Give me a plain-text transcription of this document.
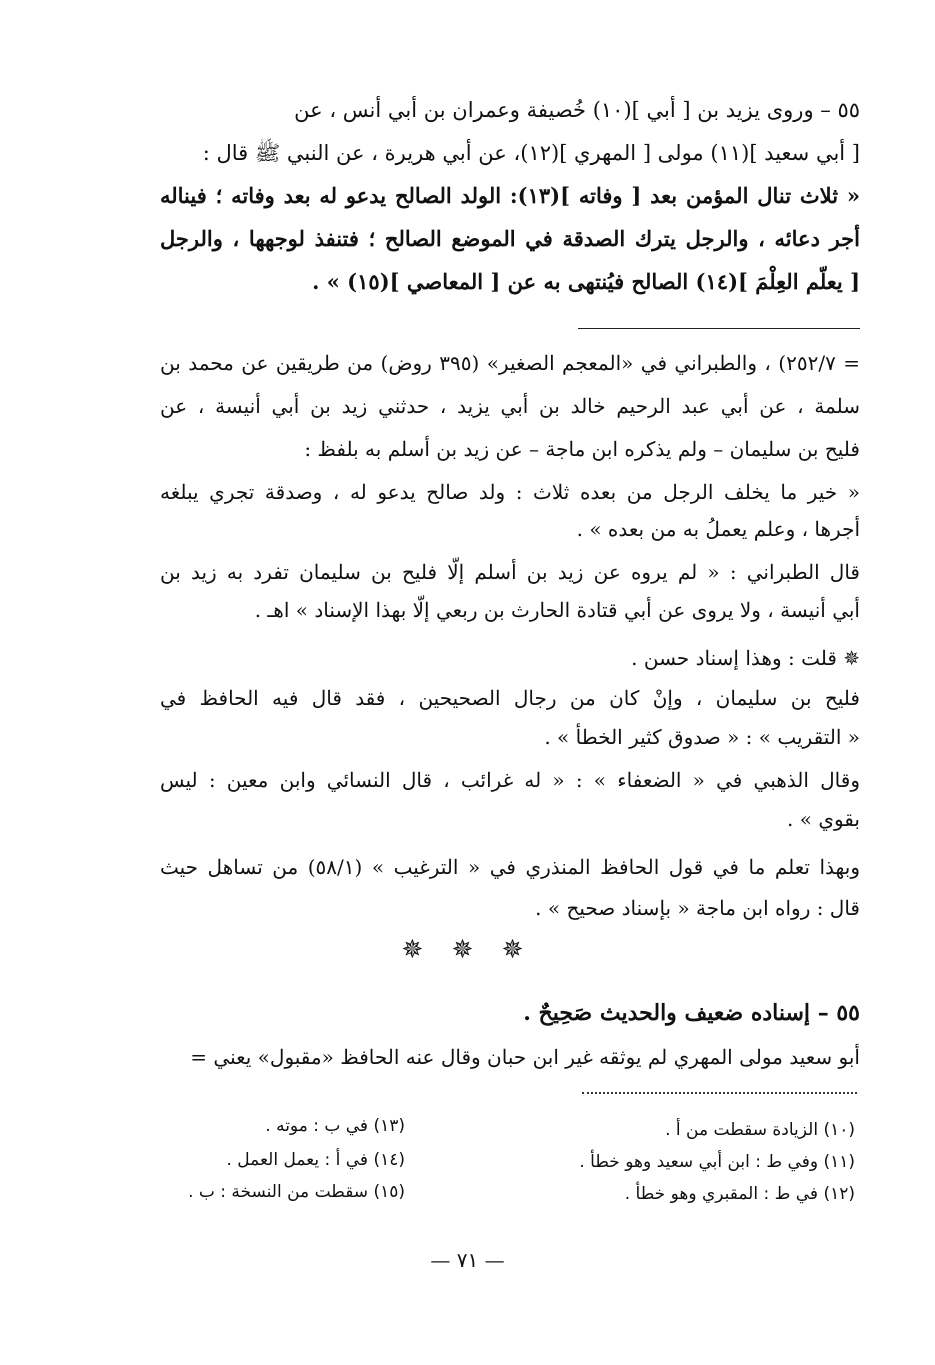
٥٥ – وروى يزيد بن [ أبي ](١٠) خُصيفة وعمران بن أبي أنس ، عن
[ أبي سعيد ](١١) مولى [ المهري ](١٢)، عن أبي هريرة ، عن النبي ﷺ قال :
« ثلاث تنال المؤمن بعد [ وفاته ](١٣): الولد الصالح يدعو له بعد وفاته ؛ فيناله
أجر دعائه ، والرجل يترك الصدقة في الموضع الصالح ؛ فتنفذ لوجهها ، والرجل
[ يعلّم العِلْمَ ](١٤) الصالح فيُنتهى به عن [ المعاصي ](١٥) » .
= ٢٥٢/٧) ، والطبراني في «المعجم الصغير» (٣٩٥ روض) من طريقين عن محمد بن
سلمة ، عن أبي عبد الرحيم خالد بن أبي يزيد ، حدثني زيد بن أبي أنيسة ، عن
فليح بن سليمان – ولم يذكره ابن ماجة – عن زيد بن أسلم به بلفظ :
« خير ما يخلف الرجل من بعده ثلاث : ولد صالح يدعو له ، وصدقة تجري يبلغه
أجرها ، وعلم يعملُ به من بعده » .
قال الطبراني : « لم يروه عن زيد بن أسلم إلّا فليح بن سليمان تفرد به زيد بن
أبي أنيسة ، ولا يروى عن أبي قتادة الحارث بن ربعي إلّا بهذا الإسناد » اهـ .
✵ قلت : وهذا إسناد حسن .
فليح بن سليمان ، وإنْ كان من رجال الصحيحين ، فقد قال فيه الحافظ في
« التقريب » : « صدوق كثير الخطأ » .
وقال الذهبي في « الضعفاء » : « له غرائب ، قال النسائي وابن معين : ليس
بقوي » .
وبهذا تعلم ما في قول الحافظ المنذري في « الترغيب » (٥٨/١) من تساهل حيث
قال : رواه ابن ماجة « بإسناد صحيح » .
✵ ✵ ✵
٥٥ – إسناده ضعيف والحديث صَحِيحٌ .
أبو سعيد مولى المهري لم يوثقه غير ابن حبان وقال عنه الحافظ «مقبول» يعني =
(١٠) الزيادة سقطت من أ .
(١١) وفي ط : ابن أبي سعيد وهو خطأ .
(١٢) في ط : المقبري وهو خطأ .
(١٣) في ب : موته .
(١٤) في أ : يعمل العمل .
(١٥) سقطت من النسخة : ب .
— ٧١ —
